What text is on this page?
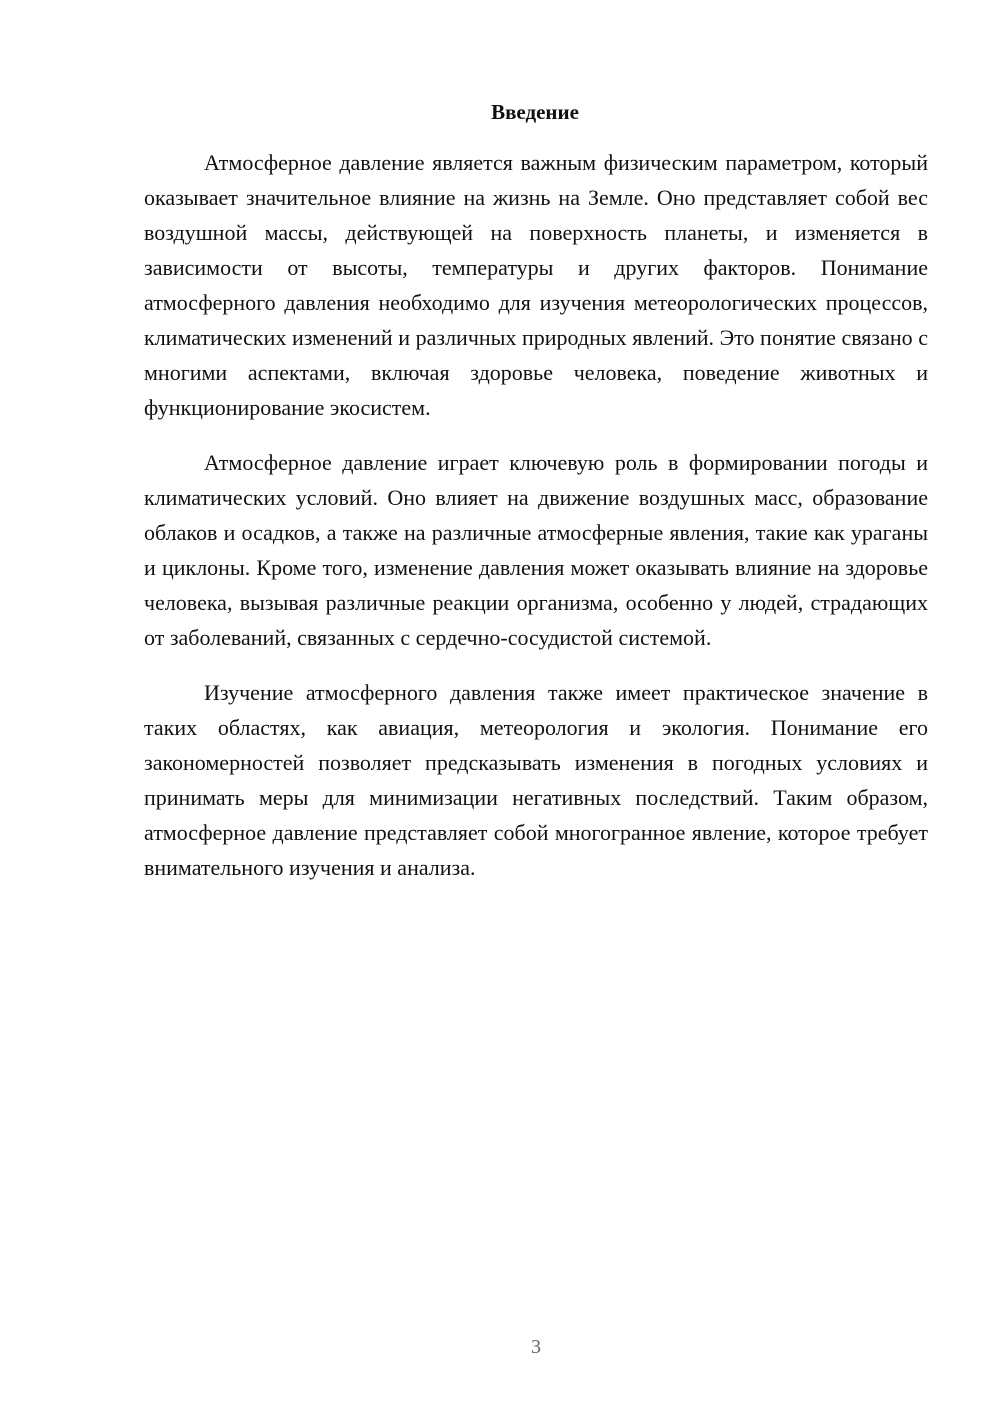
Введение

Атмосферное давление является важным физическим параметром, который оказывает значительное влияние на жизнь на Земле. Оно представляет собой вес воздушной массы, действующей на поверхность планеты, и изменяется в зависимости от высоты, температуры и других факторов. Понимание атмосферного давления необходимо для изучения метеорологических процессов, климатических изменений и различных природных явлений. Это понятие связано с многими аспектами, включая здоровье человека, поведение животных и функционирование экосистем.

Атмосферное давление играет ключевую роль в формировании погоды и климатических условий. Оно влияет на движение воздушных масс, образование облаков и осадков, а также на различные атмосферные явления, такие как ураганы и циклоны. Кроме того, изменение давления может оказывать влияние на здоровье человека, вызывая различные реакции организма, особенно у людей, страдающих от заболеваний, связанных с сердечно-сосудистой системой.

Изучение атмосферного давления также имеет практическое значение в таких областях, как авиация, метеорология и экология. Понимание его закономерностей позволяет предсказывать изменения в погодных условиях и принимать меры для минимизации негативных последствий. Таким образом, атмосферное давление представляет собой многогранное явление, которое требует внимательного изучения и анализа.

3
